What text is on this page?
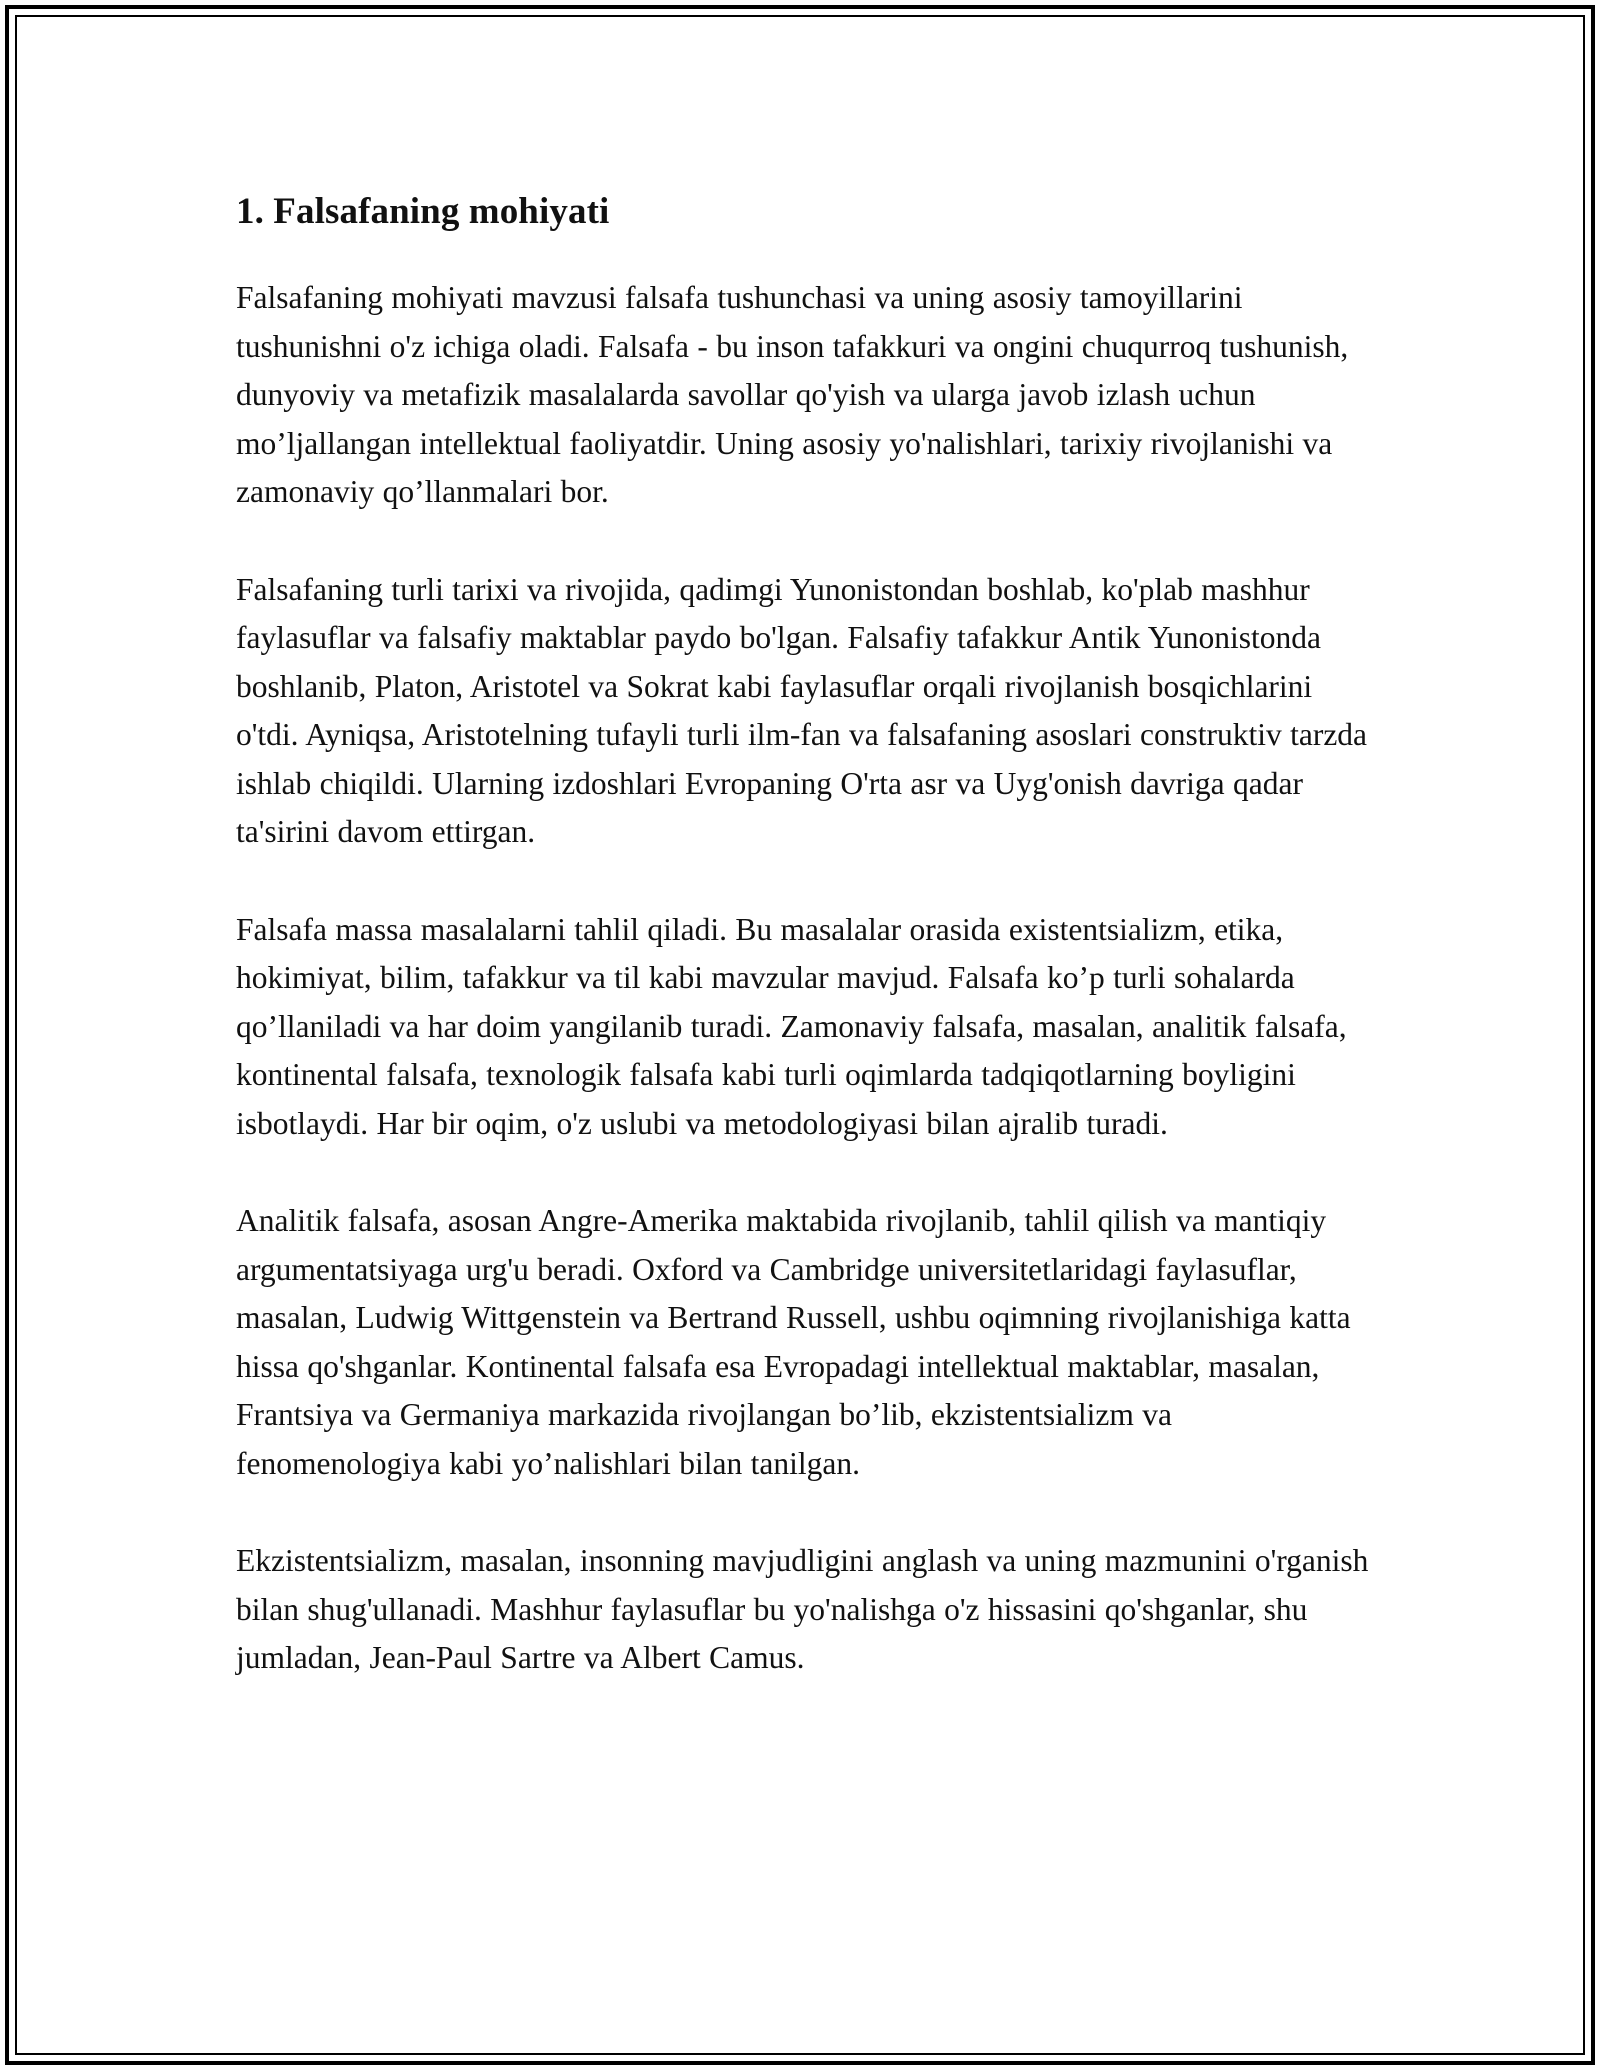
1. Falsafaning mohiyati

Falsafaning mohiyati mavzusi falsafa tushunchasi va uning asosiy tamoyillarini tushunishni o'z ichiga oladi. Falsafa - bu inson tafakkuri va ongini chuqurroq tushunish, dunyoviy va metafizik masalalarda savollar qo'yish va ularga javob izlash uchun mo’ljallangan intellektual faoliyatdir. Uning asosiy yo'nalishlari, tarixiy rivojlanishi va zamonaviy qo’llanmalari bor.

Falsafaning turli tarixi va rivojida, qadimgi Yunonistondan boshlab, ko'plab mashhur faylasuflar va falsafiy maktablar paydo bo'lgan. Falsafiy tafakkur Antik Yunonistonda boshlanib, Platon, Aristotel va Sokrat kabi faylasuflar orqali rivojlanish bosqichlarini o'tdi. Ayniqsa, Aristotelning tufayli turli ilm-fan va falsafaning asoslari construktiv tarzda ishlab chiqildi. Ularning izdoshlari Evropaning O'rta asr va Uyg'onish davriga qadar ta'sirini davom ettirgan.

Falsafa massa masalalarni tahlil qiladi. Bu masalalar orasida existentsializm, etika, hokimiyat, bilim, tafakkur va til kabi mavzular mavjud. Falsafa ko’p turli sohalarda qo’llaniladi va har doim yangilanib turadi. Zamonaviy falsafa, masalan, analitik falsafa, kontinental falsafa, texnologik falsafa kabi turli oqimlarda tadqiqotlarning boyligini isbotlaydi. Har bir oqim, o'z uslubi va metodologiyasi bilan ajralib turadi.

Analitik falsafa, asosan Angre-Amerika maktabida rivojlanib, tahlil qilish va mantiqiy argumentatsiyaga urg'u beradi. Oxford va Cambridge universitetlaridagi faylasuflar, masalan, Ludwig Wittgenstein va Bertrand Russell, ushbu oqimning rivojlanishiga katta hissa qo'shganlar. Kontinental falsafa esa Evropadagi intellektual maktablar, masalan, Frantsiya va Germaniya markazida rivojlangan bo’lib, ekzistentsializm va fenomenologiya kabi yo’nalishlari bilan tanilgan.

Ekzistentsializm, masalan, insonning mavjudligini anglash va uning mazmunini o'rganish bilan shug'ullanadi. Mashhur faylasuflar bu yo'nalishga o'z hissasini qo'shganlar, shu jumladan, Jean-Paul Sartre va Albert Camus.
